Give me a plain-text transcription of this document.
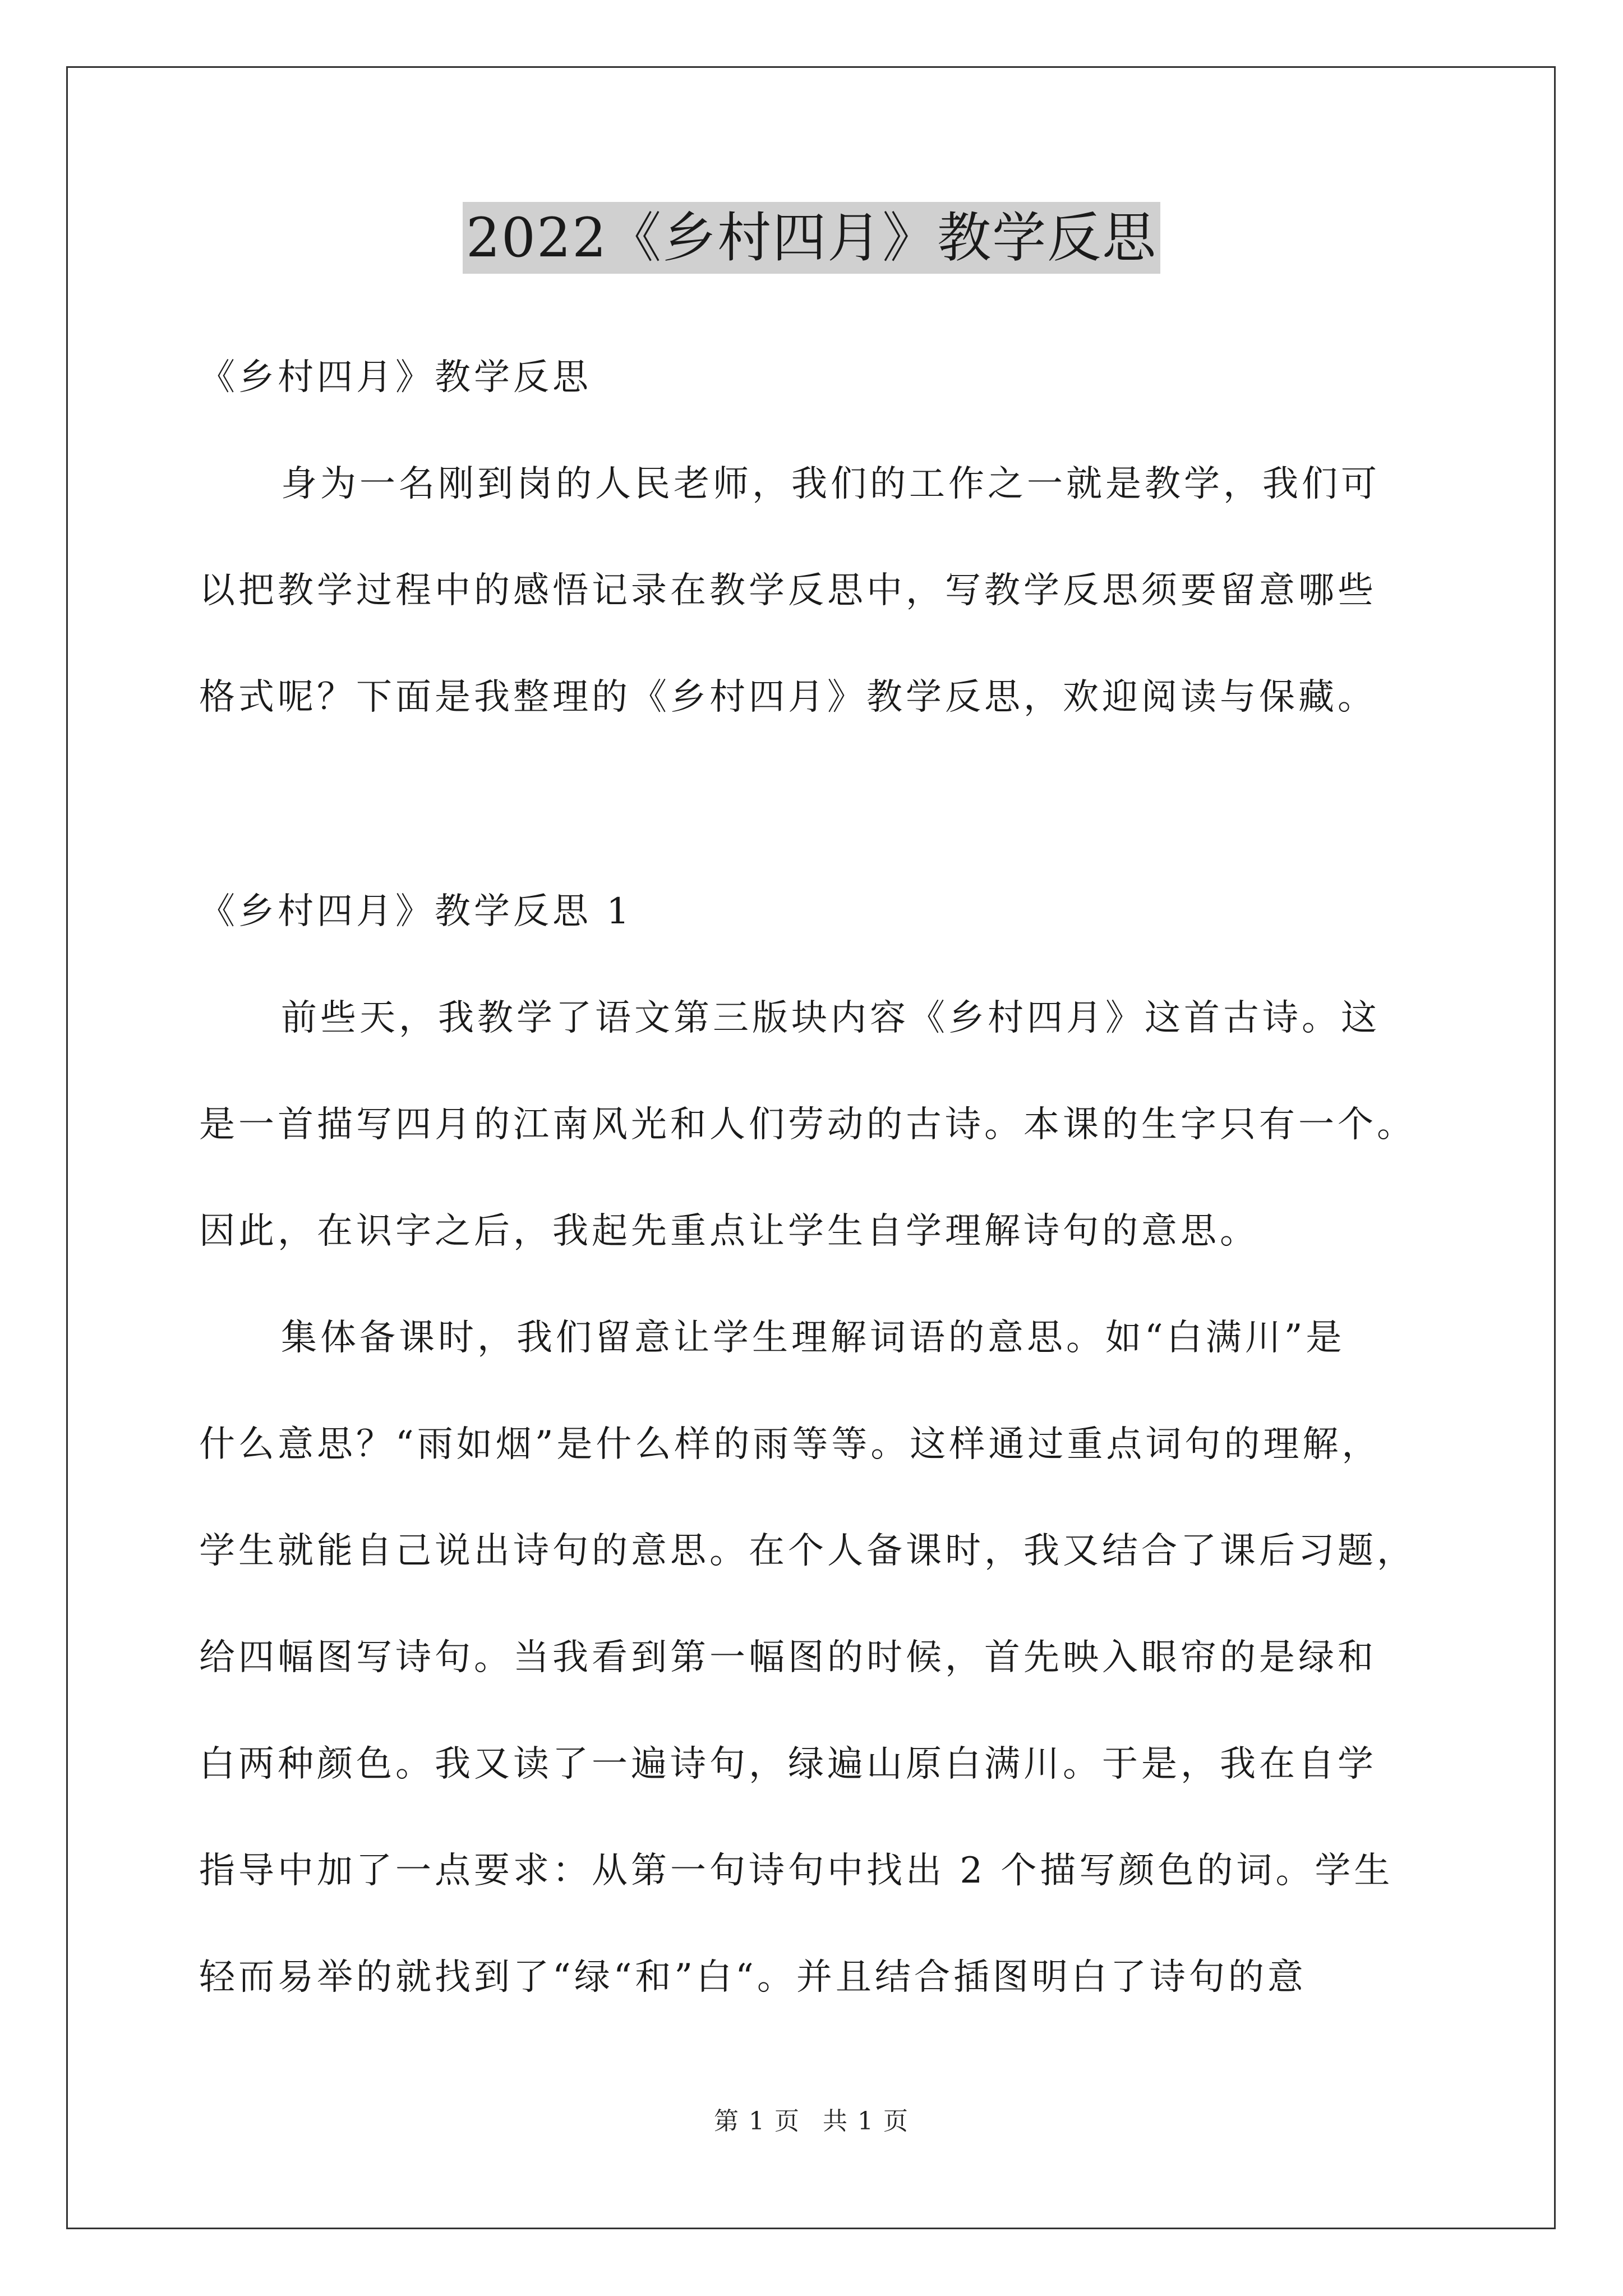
2022《乡村四月》教学反思
《乡村四月》教学反思
身为一名刚到岗的人民老师，我们的工作之一就是教学，我们可
以把教学过程中的感悟记录在教学反思中，写教学反思须要留意哪些
格式呢？下面是我整理的《乡村四月》教学反思，欢迎阅读与保藏。
《乡村四月》教学反思 1
前些天，我教学了语文第三版块内容《乡村四月》这首古诗。这
是一首描写四月的江南风光和人们劳动的古诗。本课的生字只有一个。
因此，在识字之后，我起先重点让学生自学理解诗句的意思。
集体备课时，我们留意让学生理解词语的意思。如“白满川”是
什么意思？“雨如烟”是什么样的雨等等。这样通过重点词句的理解，
学生就能自己说出诗句的意思。在个人备课时，我又结合了课后习题，
给四幅图写诗句。当我看到第一幅图的时候，首先映入眼帘的是绿和
白两种颜色。我又读了一遍诗句，绿遍山原白满川。于是，我在自学
指导中加了一点要求：从第一句诗句中找出 2 个描写颜色的词。学生
轻而易举的就找到了“绿“和”白“。并且结合插图明白了诗句的意
第 1 页 共 1 页
